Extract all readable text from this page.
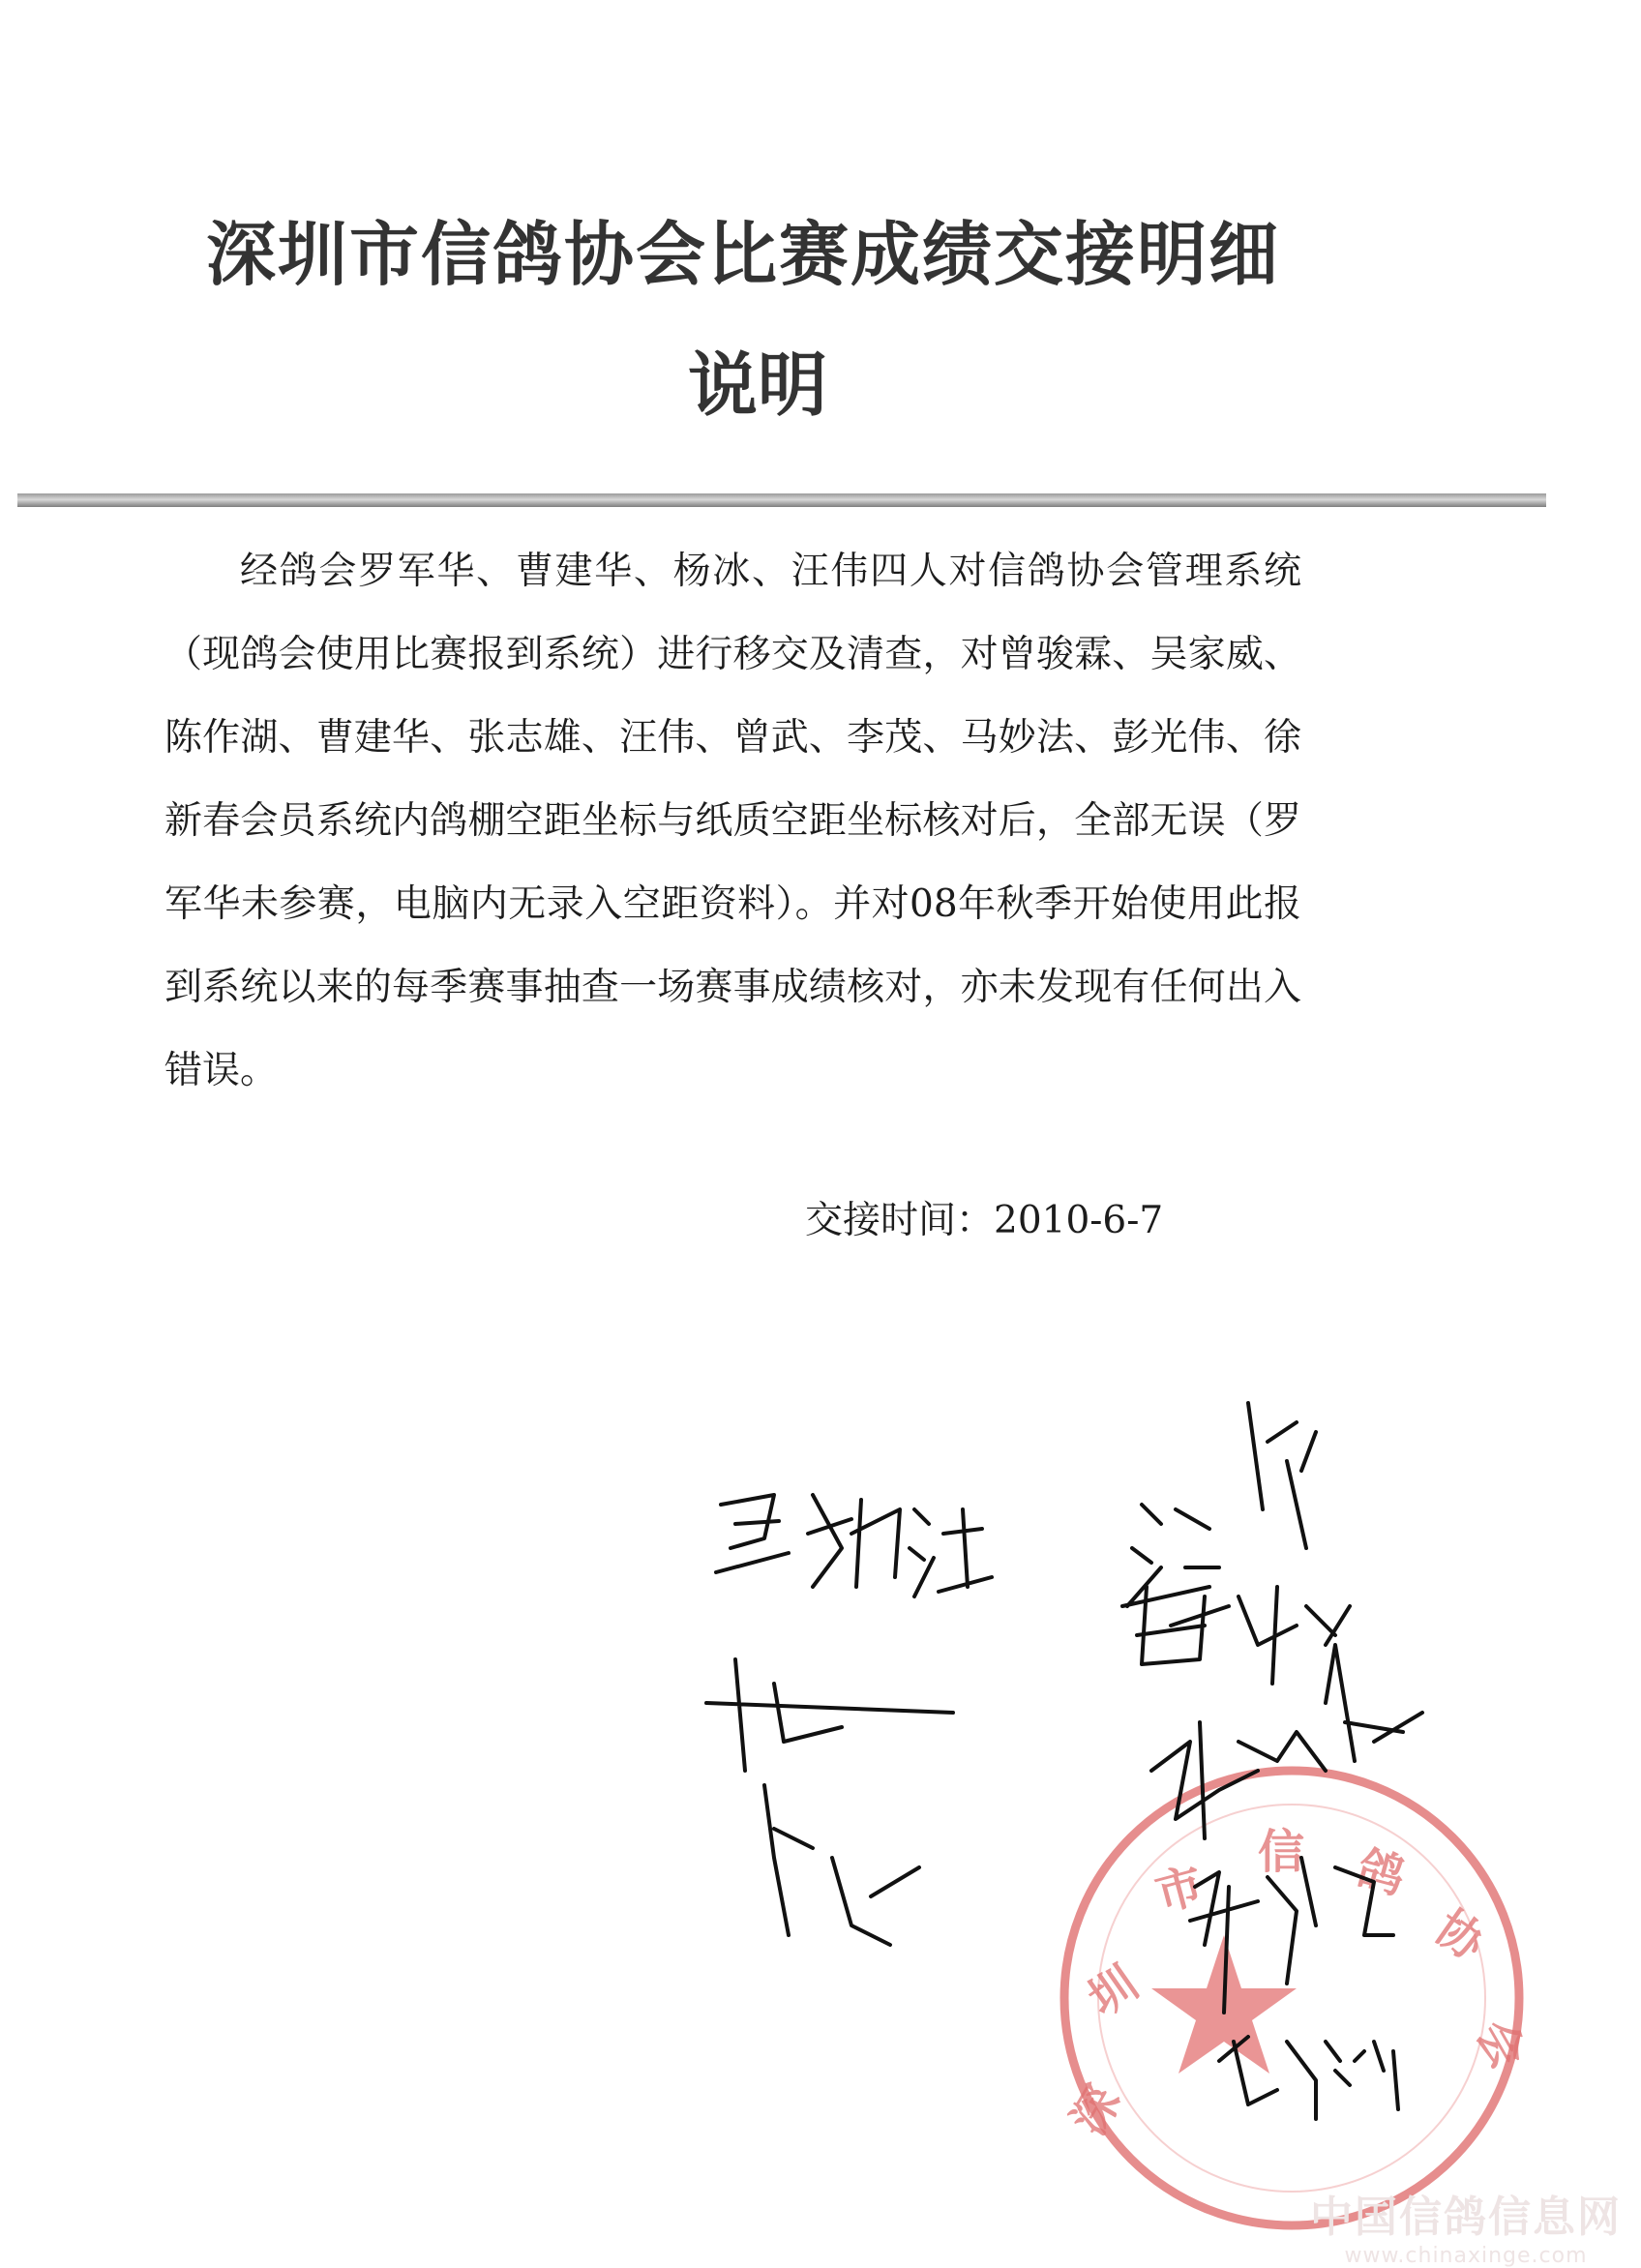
深圳市信鸽协会比赛成绩交接明细
说明

经鸽会罗军华、曹建华、杨冰、汪伟四人对信鸽协会管理系统（现鸽会使用比赛报到系统）进行移交及清查，对曾骏霖、吴家威、陈作湖、曹建华、张志雄、汪伟、曾武、李茂、马妙法、彭光伟、徐新春会员系统内鸽棚空距坐标与纸质空距坐标核对后，全部无误（罗军华未参赛，电脑内无录入空距资料）。并对08年秋季开始使用此报到系统以来的每季赛事抽查一场赛事成绩核对，亦未发现有任何出入错误。

交接时间：2010-6-7
深
圳
市
信 鸽
协
会
中国信鸽信息网
www.chinaxinge.com
